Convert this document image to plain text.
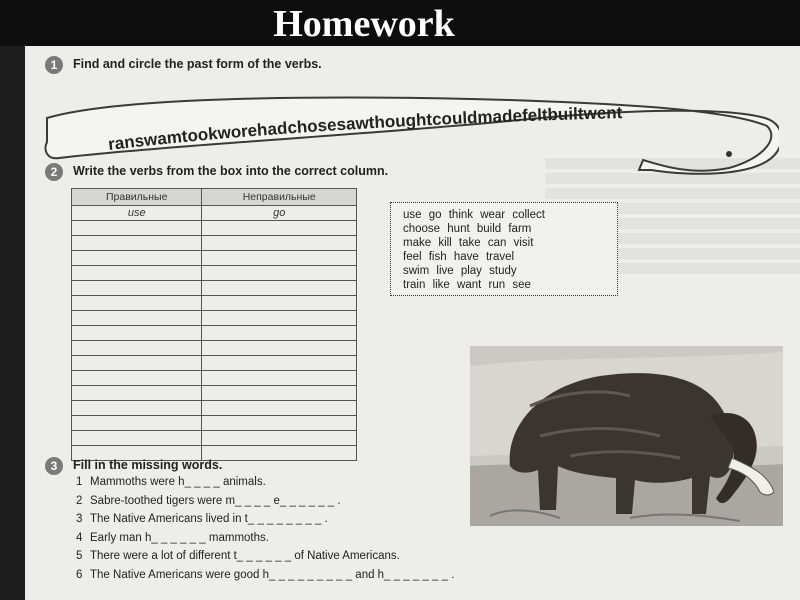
Homework
1	Find and circle the past form of the verbs.
ranswamtookworehadchosesawthoughtcouldmadefeltbuiltwent
2	Write the verbs from the box into the correct column.
Правильные	Неправильные
use	go

		use go think wear collect
choose hunt build farm
make kill take can visit
feel fish have travel
swim live play study
train like want run see
3	Fill in the missing words.
1 Mammoths were h_ _ _ _ animals.
2 Sabre-toothed tigers were m_ _ _ _ e_ _ _ _ _ _ .
3 The Native Americans lived in t_ _ _ _ _ _ _ _ .
4 Early man h_ _ _ _ _ _ mammoths.
5 There were a lot of different t_ _ _ _ _ _ of Native Americans.
6 The Native Americans were good h_ _ _ _ _ _ _ _ _ and h_ _ _ _ _ _ _ .
